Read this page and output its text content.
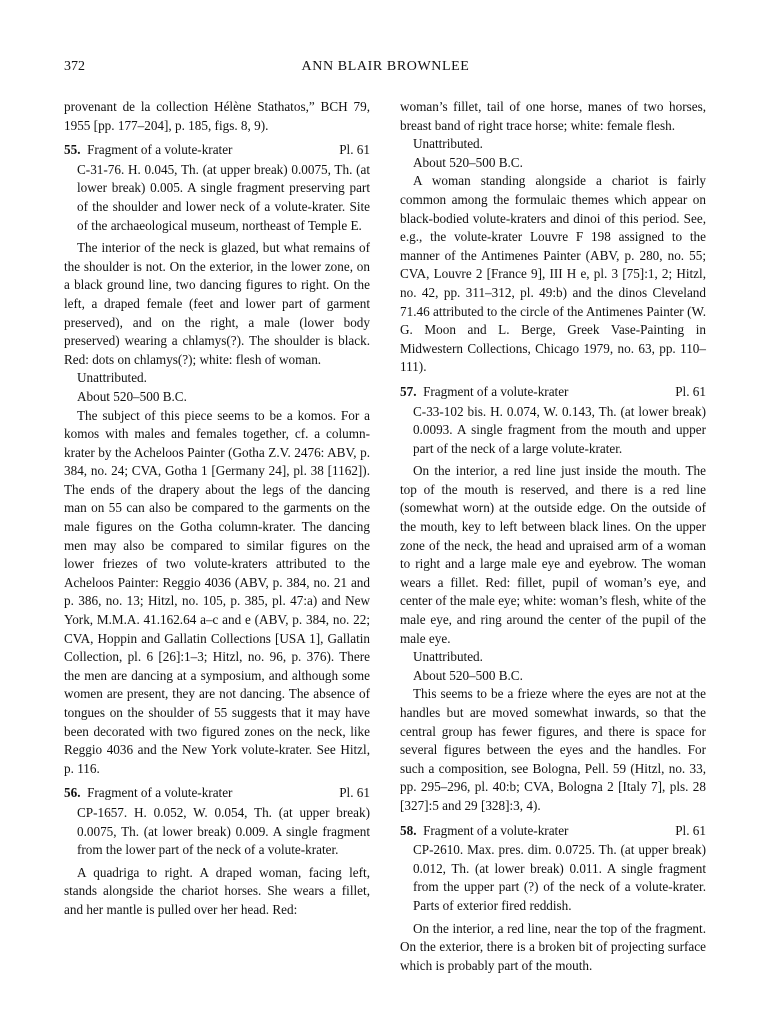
372	ANN BLAIR BROWNLEE

provenant de la collection Hélène Stathatos,” BCH 79, 1955 [pp. 177–204], p. 185, figs. 8, 9).

55. Fragment of a volute-krater	Pl. 61

C-31-76. H. 0.045, Th. (at upper break) 0.0075, Th. (at lower break) 0.005. A single fragment preserving part of the shoulder and lower neck of a volute-krater. Site of the archaeological museum, northeast of Temple E.

The interior of the neck is glazed, but what remains of the shoulder is not. On the exterior, in the lower zone, on a black ground line, two dancing figures to right. On the left, a draped female (feet and lower part of garment preserved), and on the right, a male (lower body preserved) wearing a chlamys(?). The shoulder is black. Red: dots on chlamys(?); white: flesh of woman.

Unattributed.

About 520–500 B.C.

The subject of this piece seems to be a komos. For a komos with males and females together, cf. a column-krater by the Acheloos Painter (Gotha Z.V. 2476: ABV, p. 384, no. 24; CVA, Gotha 1 [Germany 24], pl. 38 [1162]). The ends of the drapery about the legs of the dancing man on 55 can also be compared to the garments on the male figures on the Gotha column-krater. The dancing men may also be compared to similar figures on the lower friezes of two volute-kraters attributed to the Acheloos Painter: Reggio 4036 (ABV, p. 384, no. 21 and p. 386, no. 13; Hitzl, no. 105, p. 385, pl. 47:a) and New York, M.M.A. 41.162.64 a–c and e (ABV, p. 384, no. 22; CVA, Hoppin and Gallatin Collections [USA 1], Gallatin Collection, pl. 6 [26]:1–3; Hitzl, no. 96, p. 376). There the men are dancing at a symposium, and although some women are present, they are not dancing. The absence of tongues on the shoulder of 55 suggests that it may have been decorated with two figured zones on the neck, like Reggio 4036 and the New York volute-krater. See Hitzl, p. 116.

56. Fragment of a volute-krater	Pl. 61

CP-1657. H. 0.052, W. 0.054, Th. (at upper break) 0.0075, Th. (at lower break) 0.009. A single fragment from the lower part of the neck of a volute-krater.

A quadriga to right. A draped woman, facing left, stands alongside the chariot horses. She wears a fillet, and her mantle is pulled over her head. Red:

woman’s fillet, tail of one horse, manes of two horses, breast band of right trace horse; white: female flesh.

Unattributed.

About 520–500 B.C.

A woman standing alongside a chariot is fairly common among the formulaic themes which appear on black-bodied volute-kraters and dinoi of this period. See, e.g., the volute-krater Louvre F 198 assigned to the manner of the Antimenes Painter (ABV, p. 280, no. 55; CVA, Louvre 2 [France 9], III H e, pl. 3 [75]:1, 2; Hitzl, no. 42, pp. 311–312, pl. 49:b) and the dinos Cleveland 71.46 attributed to the circle of the Antimenes Painter (W. G. Moon and L. Berge, Greek Vase-Painting in Midwestern Collections, Chicago 1979, no. 63, pp. 110–111).

57. Fragment of a volute-krater	Pl. 61

C-33-102 bis. H. 0.074, W. 0.143, Th. (at lower break) 0.0093. A single fragment from the mouth and upper part of the neck of a large volute-krater.

On the interior, a red line just inside the mouth. The top of the mouth is reserved, and there is a red line (somewhat worn) at the outside edge. On the outside of the mouth, key to left between black lines. On the upper zone of the neck, the head and upraised arm of a woman to right and a large male eye and eyebrow. The woman wears a fillet. Red: fillet, pupil of woman’s eye, and center of the male eye; white: woman’s flesh, white of the male eye, and ring around the center of the pupil of the male eye.

Unattributed.

About 520–500 B.C.

This seems to be a frieze where the eyes are not at the handles but are moved somewhat inwards, so that the central group has fewer figures, and there is space for several figures between the eyes and the handles. For such a composition, see Bologna, Pell. 59 (Hitzl, no. 33, pp. 295–296, pl. 40:b; CVA, Bologna 2 [Italy 7], pls. 28 [327]:5 and 29 [328]:3, 4).

58. Fragment of a volute-krater	Pl. 61

CP-2610. Max. pres. dim. 0.0725. Th. (at upper break) 0.012, Th. (at lower break) 0.011. A single fragment from the upper part (?) of the neck of a volute-krater. Parts of exterior fired reddish.

On the interior, a red line, near the top of the fragment. On the exterior, there is a broken bit of projecting surface which is probably part of the mouth.
